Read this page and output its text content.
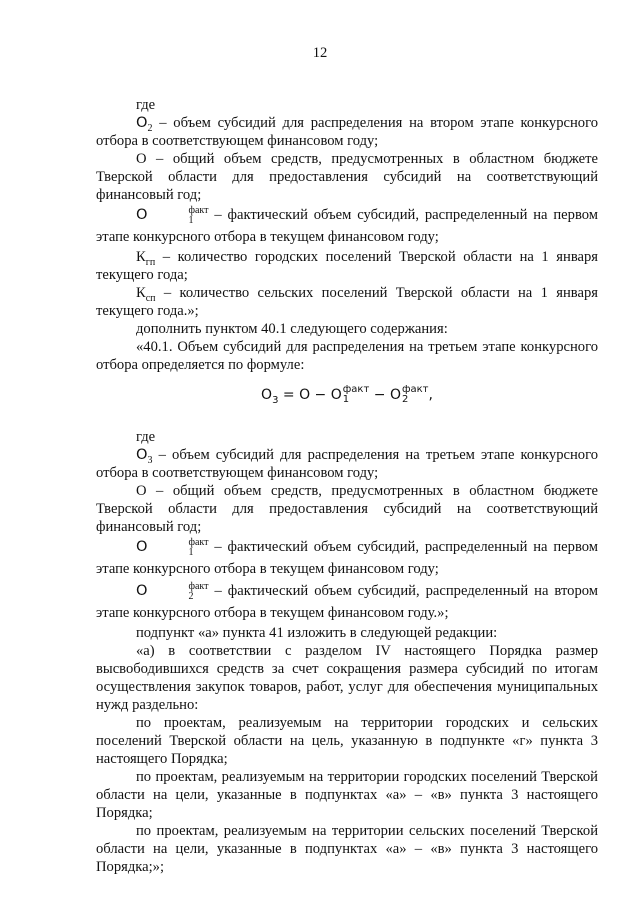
12

где

$O_2$ – объем субсидий для распределения на втором этапе конкурсного отбора в соответствующем финансовом году;

О – общий объем средств, предусмотренных в областном бюджете Тверской области для предоставления субсидий на соответствующий финансовый год;

O	факт
1	– фактический объем субсидий, распределенный на первом этапе конкурсного отбора в текущем финансовом году;

$К_{гп}$ – количество городских поселений Тверской области на 1 января текущего года;

$К_{сп}$ – количество сельских поселений Тверской области на 1 января текущего года.»;

дополнить пунктом 40.1 следующего содержания:

«40.1. Объем субсидий для распределения на третьем этапе конкурсного отбора определяется по формуле:

$O_3 = O - O$ факт
1	− O факт
2	,

где

$O_3$ – объем субсидий для распределения на третьем этапе конкурсного отбора в соответствующем финансовом году;

О – общий объем средств, предусмотренных в областном бюджете Тверской области для предоставления субсидий на соответствующий финансовый год;

O	факт
1	– фактический объем субсидий, распределенный на первом этапе конкурсного отбора в текущем финансовом году;

O	факт
2	– фактический объем субсидий, распределенный на втором этапе конкурсного отбора в текущем финансовом году.»;

подпункт «а» пункта 41 изложить в следующей редакции:

«а) в соответствии с разделом IV настоящего Порядка размер высвободившихся средств за счет сокращения размера субсидий по итогам осуществления закупок товаров, работ, услуг для обеспечения муниципальных нужд раздельно:

по проектам, реализуемым на территории городских и сельских поселений Тверской области на цель, указанную в подпункте «г» пункта 3 настоящего Порядка;

по проектам, реализуемым на территории городских поселений Тверской области на цели, указанные в подпунктах «а» – «в» пункта 3 настоящего Порядка;

по проектам, реализуемым на территории сельских поселений Тверской области на цели, указанные в подпунктах «а» – «в» пункта 3 настоящего Порядка;»;
